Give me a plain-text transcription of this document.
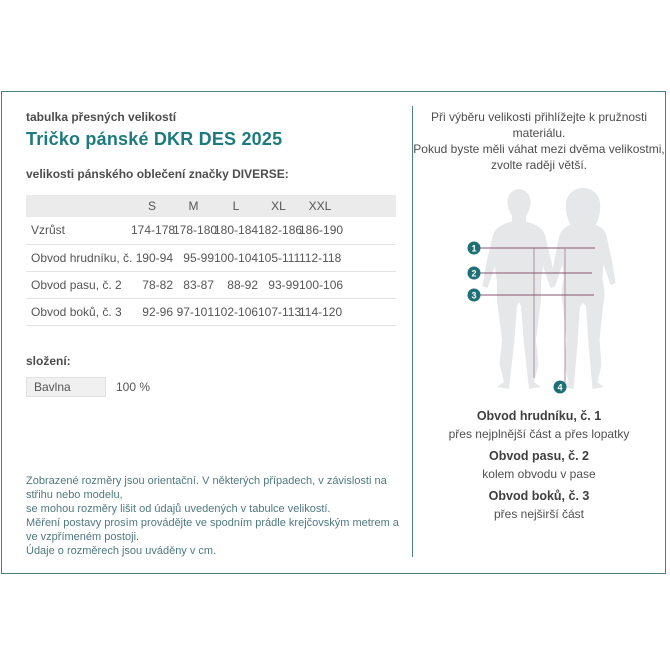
tabulka přesných velikostí
Tričko pánské DKR DES 2025
velikosti pánského oblečení značky DIVERSE:
	S	M	L	XL	XXL	
Vzrůst	174-178	178-180	180-184	182-186	186-190	
Obvod hrudníku, č. 1	90-94	95-99	100-104	105-111	112-118	
Obvod pasu, č. 2	78-82	83-87	88-92	93-99	100-106	
Obvod boků, č. 3	92-96	97-101	102-106	107-113	114-120	
složení:
Bavlna	100 %
Zobrazené rozměry jsou orientační. V některých případech, v závislosti na střihu nebo modelu,
se mohou rozměry lišit od údajů uvedených v tabulce velikostí.
Měření postavy prosím provádějte ve spodním prádle krejčovským metrem a ve vzpřímeném postoji.
Údaje o rozměrech jsou uváděny v cm.
Při výběru velikosti přihlížejte k pružnosti materiálu.
Pokud byste měli váhat mezi dvěma velikostmi,
zvolte raději větší.
1
2
3
4
Obvod hrudníku, č. 1
přes nejplnější část a přes lopatky
Obvod pasu, č. 2
kolem obvodu v pase
Obvod boků, č. 3
přes nejširší část
